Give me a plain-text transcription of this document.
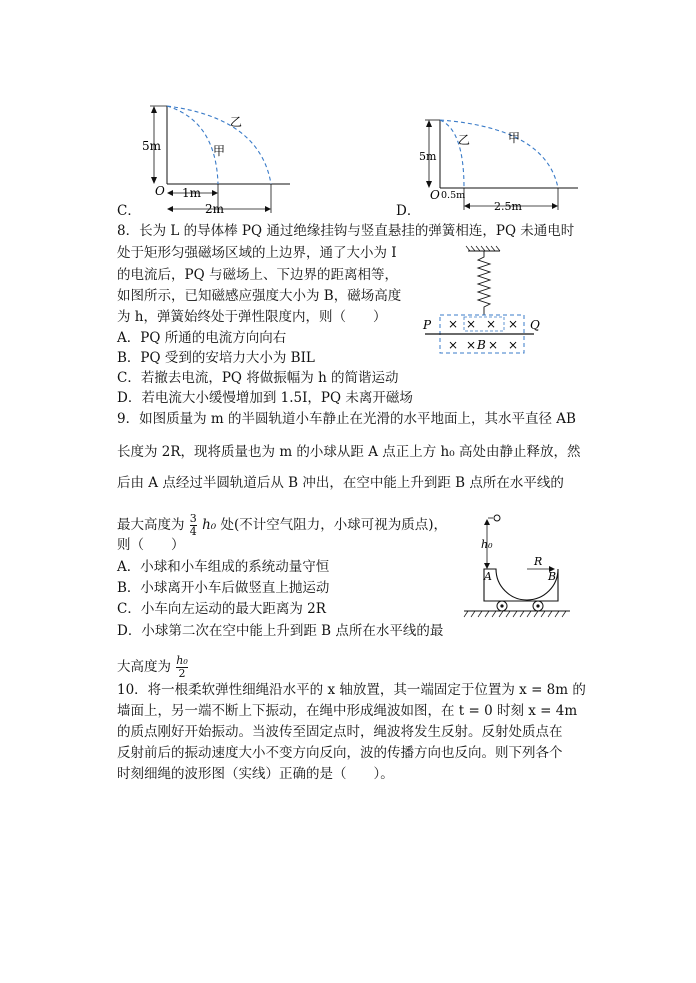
C．
5m
O
乙
甲
1m
2m	D．
5m
O
乙	甲
0.5m
2.5m
8．长为 L 的导体棒 PQ 通过绝缘挂钩与竖直悬挂的弹簧相连，PQ 未通电时
处于矩形匀强磁场区域的上边界，通了大小为 I
的电流后，PQ 与磁场上、下边界的距离相等，
如图所示，已知磁感应强度大小为 B，磁场高度
为 h，弹簧始终处于弹性限度内，则（　　）
A．PQ 所通的电流方向向右
B．PQ 受到的安培力大小为 BIL
C．若撤去电流，PQ 将做振幅为 h 的简谐运动
D．若电流大小缓慢增加到 1.5I，PQ 未离开磁场
P	Q
× × × ×
× × B × ×
9．如图质量为 m 的半圆轨道小车静止在光滑的水平地面上，其水平直径 AB
长度为 2R，现将质量也为 m 的小球从距 A 点正上方 h₀ 高处由静止释放，然
后由 A 点经过半圆轨道后从 B 冲出，在空中能上升到距 B 点所在水平线的
最大高度为 $\frac{3}{4} h_0$ 处(不计空气阻力，小球可视为质点)，
则（　　）
A．小球和小车组成的系统动量守恒
B．小球离开小车后做竖直上抛运动
C．小车向左运动的最大距离为 2R
D．小球第二次在空中能上升到距 B 点所在水平线的最
大高度为 $\frac{\text{h₀}}{2}$
h₀
R
A	B
10．将一根柔软弹性细绳沿水平的 x 轴放置，其一端固定于位置为 x = 8m 的
墙面上，另一端不断上下振动，在绳中形成绳波如图，在 t = 0 时刻 x = 4m
的质点刚好开始振动。当波传至固定点时，绳波将发生反射。反射处质点在
反射前后的振动速度大小不变方向反向，波的传播方向也反向。则下列各个
时刻细绳的波形图（实线）正确的是（　　）。
